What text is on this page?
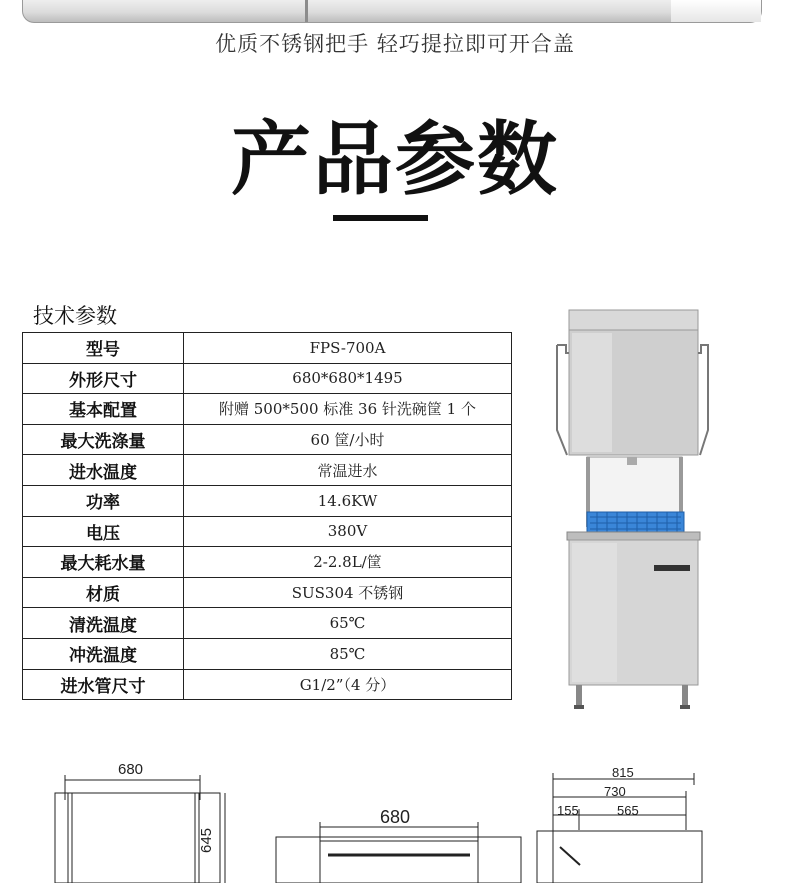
优质不锈钢把手 轻巧提拉即可开合盖
产品参数
技术参数
型号	FPS-700A
外形尺寸	680*680*1495
基本配置	附赠 500*500 标准 36 针洗碗筐 1 个
最大洗涤量	60 筐/小时
进水温度	常温进水
功率	14.6KW
电压	380V
最大耗水量	2-2.8L/筐
材质	SUS304 不锈钢
清洗温度	65℃
冲洗温度	85℃
进水管尺寸	G1/2”（4 分）
680
645
680
815
730
155	565
